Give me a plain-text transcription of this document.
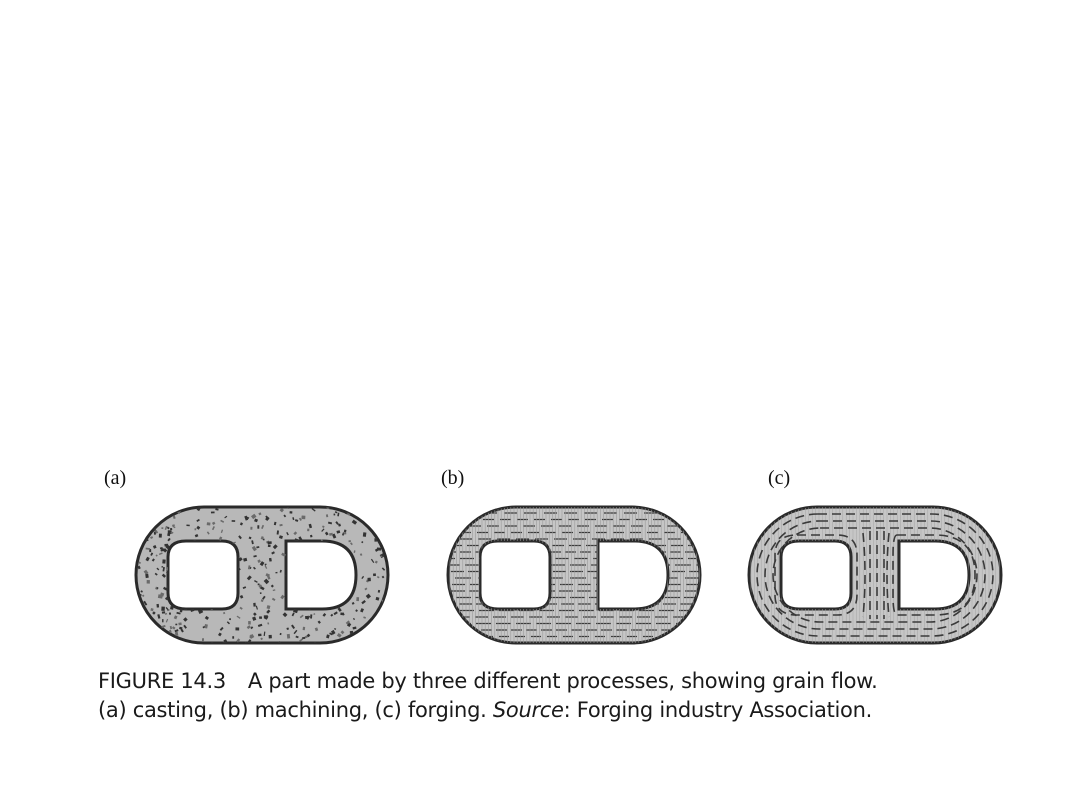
(a)	(b)	(c)
FIGURE 14.3 A part made by three different processes, showing grain flow.
(a) casting, (b) machining, (c) forging. Source: Forging industry Association.
